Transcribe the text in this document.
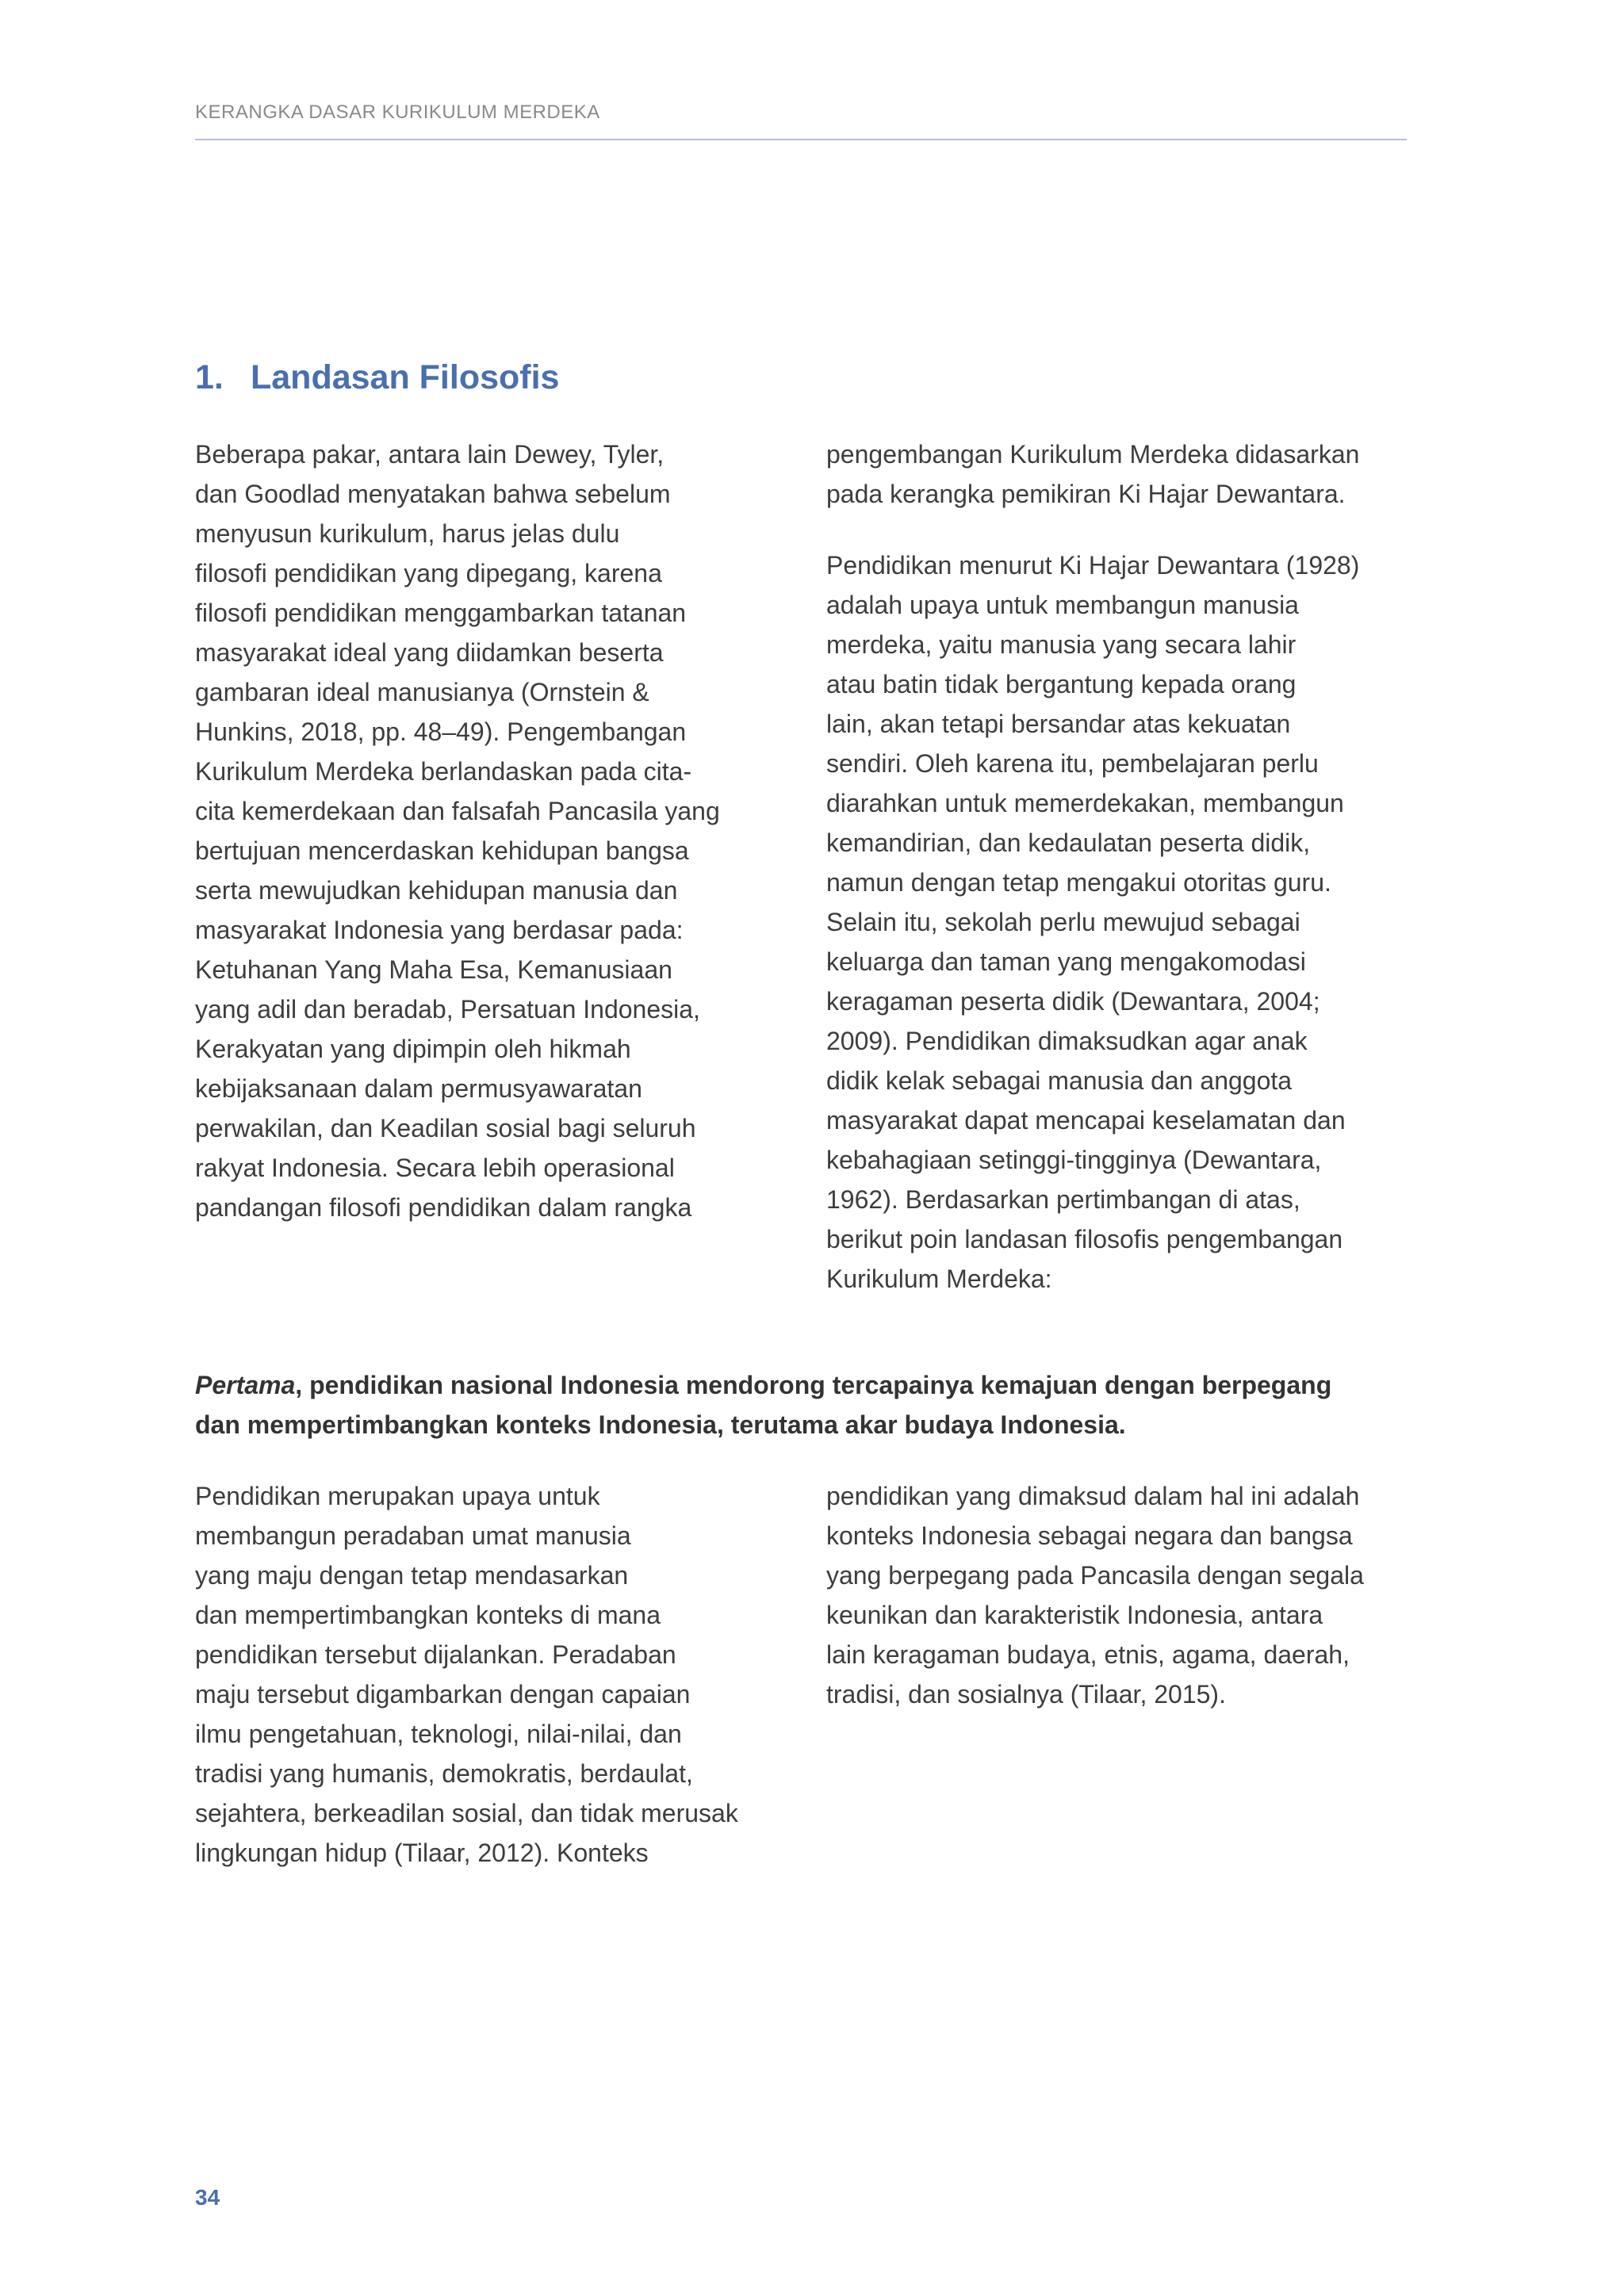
KERANGKA DASAR KURIKULUM MERDEKA
1. Landasan Filosofis

Beberapa pakar, antara lain Dewey, Tyler,
dan Goodlad menyatakan bahwa sebelum
menyusun kurikulum, harus jelas dulu
filosofi pendidikan yang dipegang, karena
filosofi pendidikan menggambarkan tatanan
masyarakat ideal yang diidamkan beserta
gambaran ideal manusianya (Ornstein &
Hunkins, 2018, pp. 48–49). Pengembangan
Kurikulum Merdeka berlandaskan pada cita-
cita kemerdekaan dan falsafah Pancasila yang
bertujuan mencerdaskan kehidupan bangsa
serta mewujudkan kehidupan manusia dan
masyarakat Indonesia yang berdasar pada:
Ketuhanan Yang Maha Esa, Kemanusiaan
yang adil dan beradab, Persatuan Indonesia,
Kerakyatan yang dipimpin oleh hikmah
kebijaksanaan dalam permusyawaratan
perwakilan, dan Keadilan sosial bagi seluruh
rakyat Indonesia. Secara lebih operasional
pandangan filosofi pendidikan dalam rangka

pengembangan Kurikulum Merdeka didasarkan
pada kerangka pemikiran Ki Hajar Dewantara.

Pendidikan menurut Ki Hajar Dewantara (1928)
adalah upaya untuk membangun manusia
merdeka, yaitu manusia yang secara lahir
atau batin tidak bergantung kepada orang
lain, akan tetapi bersandar atas kekuatan
sendiri. Oleh karena itu, pembelajaran perlu
diarahkan untuk memerdekakan, membangun
kemandirian, dan kedaulatan peserta didik,
namun dengan tetap mengakui otoritas guru.
Selain itu, sekolah perlu mewujud sebagai
keluarga dan taman yang mengakomodasi
keragaman peserta didik (Dewantara, 2004;
2009). Pendidikan dimaksudkan agar anak
didik kelak sebagai manusia dan anggota
masyarakat dapat mencapai keselamatan dan
kebahagiaan setinggi-tingginya (Dewantara,
1962). Berdasarkan pertimbangan di atas,
berikut poin landasan filosofis pengembangan
Kurikulum Merdeka:

Pertama, pendidikan nasional Indonesia mendorong tercapainya kemajuan dengan berpegang
dan mempertimbangkan konteks Indonesia, terutama akar budaya Indonesia.

Pendidikan merupakan upaya untuk
membangun peradaban umat manusia
yang maju dengan tetap mendasarkan
dan mempertimbangkan konteks di mana
pendidikan tersebut dijalankan. Peradaban
maju tersebut digambarkan dengan capaian
ilmu pengetahuan, teknologi, nilai-nilai, dan
tradisi yang humanis, demokratis, berdaulat,
sejahtera, berkeadilan sosial, dan tidak merusak
lingkungan hidup (Tilaar, 2012). Konteks

pendidikan yang dimaksud dalam hal ini adalah
konteks Indonesia sebagai negara dan bangsa
yang berpegang pada Pancasila dengan segala
keunikan dan karakteristik Indonesia, antara
lain keragaman budaya, etnis, agama, daerah,
tradisi, dan sosialnya (Tilaar, 2015).

34
